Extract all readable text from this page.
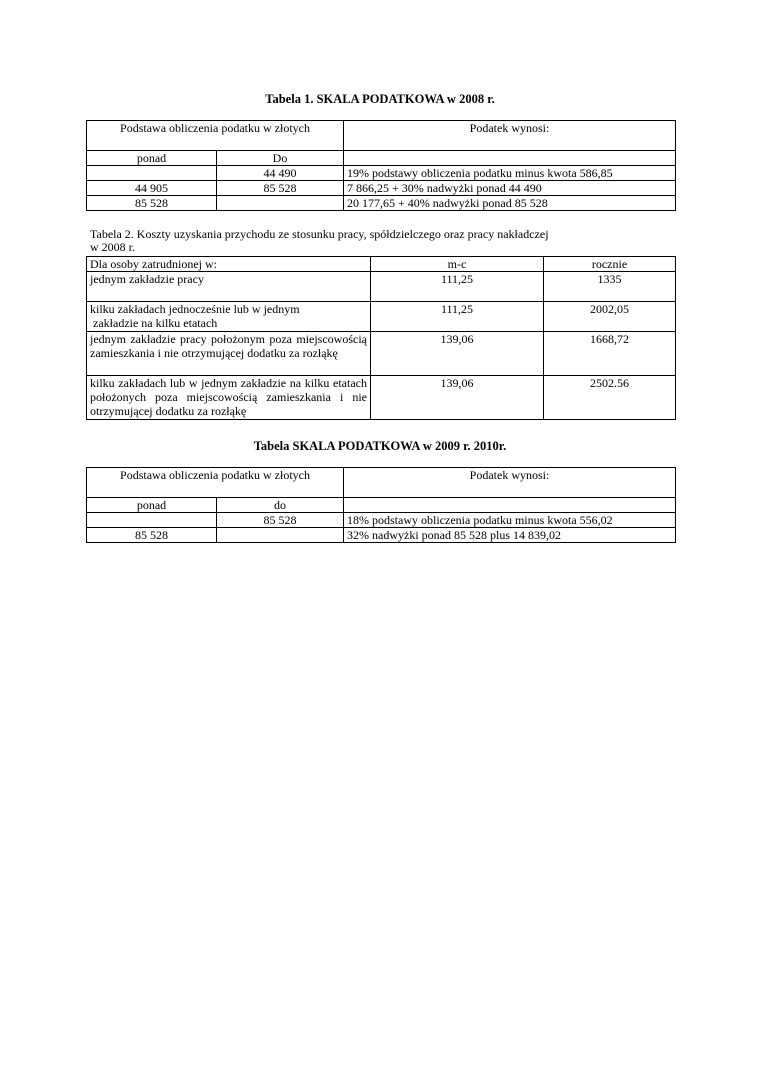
Tabela 1. SKALA PODATKOWA w 2008 r.
Podstawa obliczenia podatku w złotych		Podatek wynosi:
ponad	Do	
	44 490	19% podstawy obliczenia podatku minus kwota 586,85
44 905	85 528	7 866,25 + 30% nadwyżki ponad 44 490
85 528		20 177,65 + 40% nadwyżki ponad 85 528
Tabela 2. Koszty uzyskania przychodu ze stosunku pracy, spółdzielczego oraz pracy nakładczej
w 2008 r.
Dla osoby zatrudnionej w:	m-c	rocznie
jednym zakładzie pracy	111,25	1335

kilku zakładach jednocześnie lub w jednym
zakładzie na kilku etatach	111,25	2002,05
jednym zakładzie pracy położonym poza miejscowością zamieszkania i nie otrzymującej dodatku za rozłąkę	139,06	1668,72
kilku zakładach lub w jednym zakładzie na kilku etatach położonych poza miejscowością zamieszkania i nie otrzymującej dodatku za rozłąkę	139,06	2502.56
Tabela SKALA PODATKOWA w 2009 r. 2010r.
Podstawa obliczenia podatku w złotych		Podatek wynosi:
ponad	do	
	85 528	18% podstawy obliczenia podatku minus kwota 556,02
85 528		32% nadwyżki ponad 85 528 plus 14 839,02
